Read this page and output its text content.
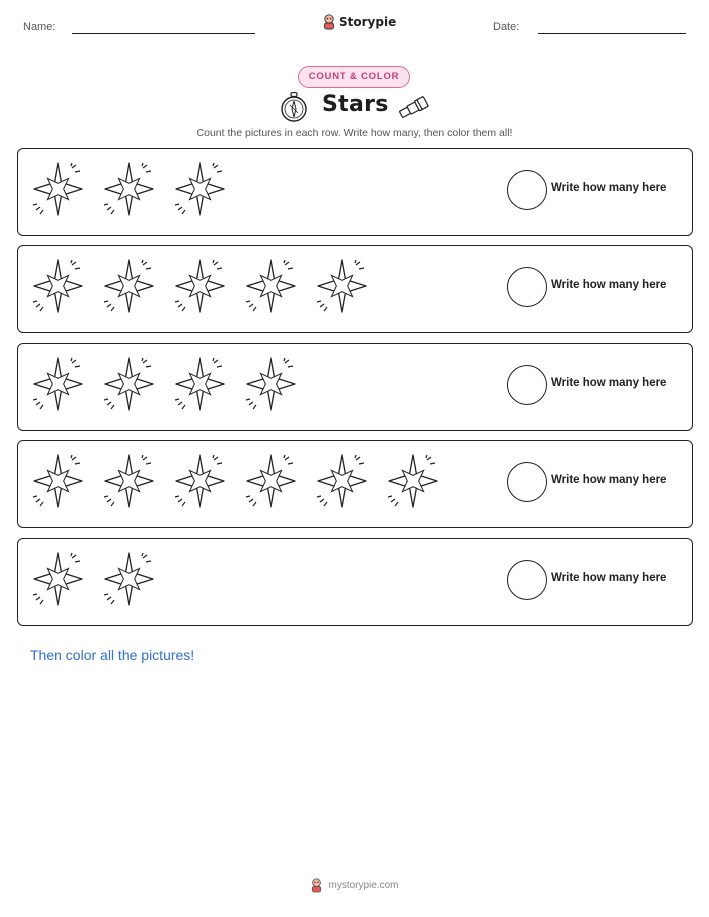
Name:	Storypie	Date:
COUNT & COLOR
Stars
Count the pictures in each row. Write how many, then color them all!
Write how many here
Write how many here
Write how many here
Write how many here
Write how many here
Then color all the pictures!
mystorypie.com
